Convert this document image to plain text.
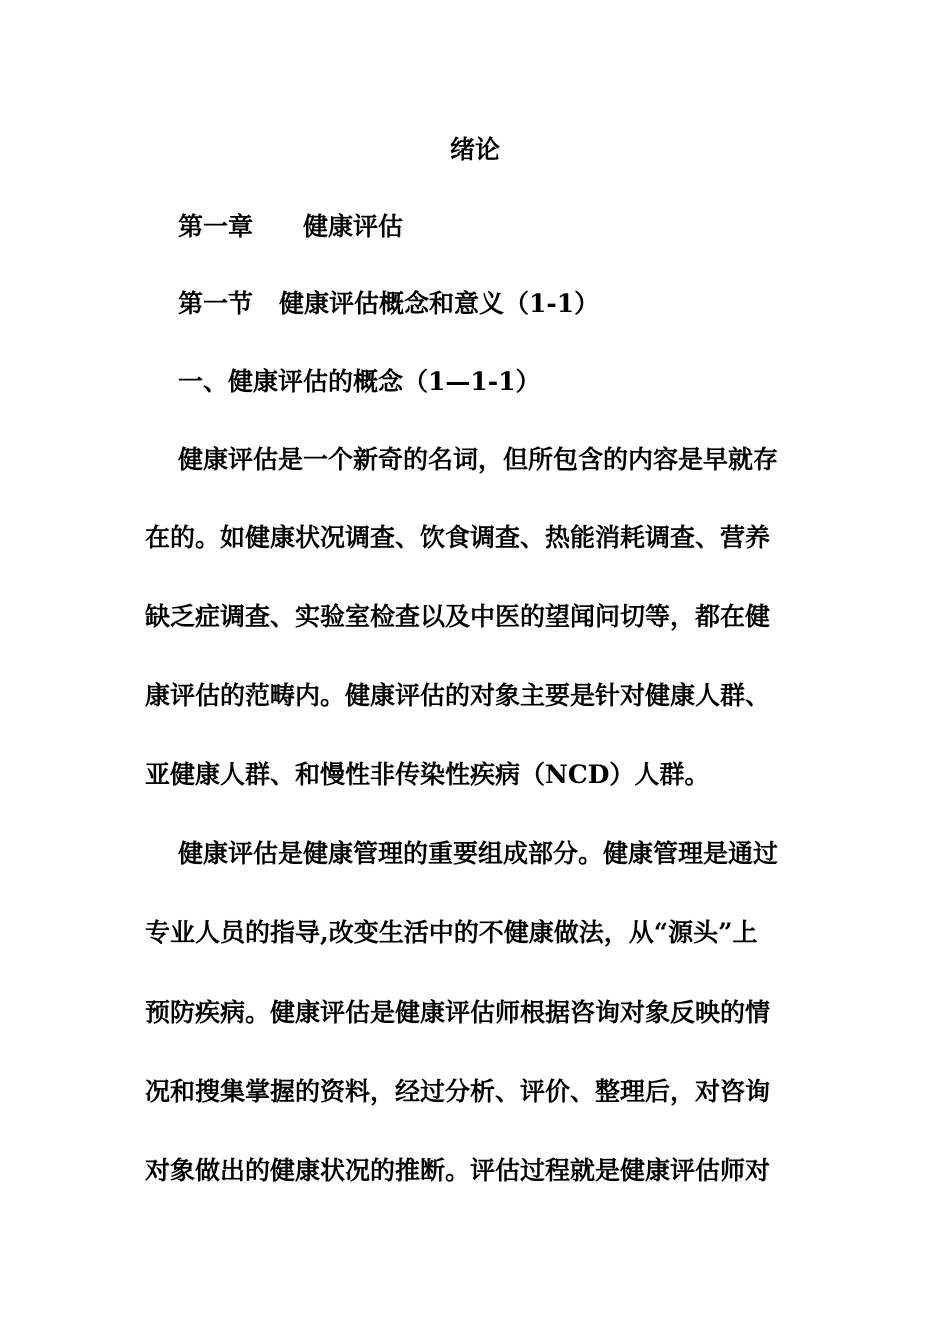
绪论
第一章 健康评估
第一节 健康评估概念和意义（1-1）
一、健康评估的概念（1—1-1）
健康评估是一个新奇的名词，但所包含的内容是早就存
在的。如健康状况调查、饮食调查、热能消耗调查、营养
缺乏症调查、实验室检查以及中医的望闻问切等，都在健
康评估的范畴内。健康评估的对象主要是针对健康人群、
亚健康人群、和慢性非传染性疾病（NCD）人群。
健康评估是健康管理的重要组成部分。健康管理是通过
专业人员的指导,改变生活中的不健康做法，从“源头”上
预防疾病。健康评估是健康评估师根据咨询对象反映的情
况和搜集掌握的资料，经过分析、评价、整理后，对咨询
对象做出的健康状况的推断。评估过程就是健康评估师对
